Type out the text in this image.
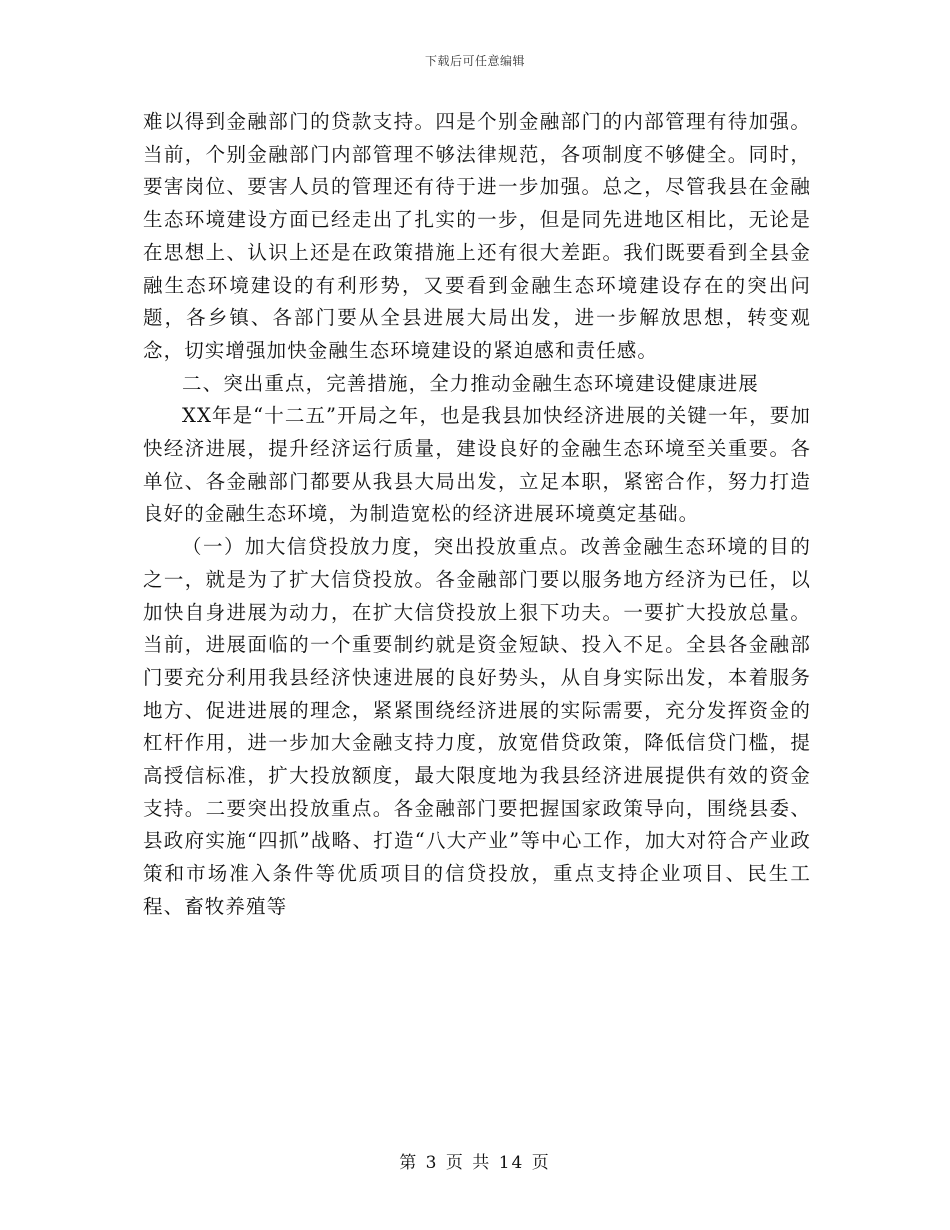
下载后可任意编辑

难以得到金融部门的贷款支持。四是个别金融部门的内部管理有待加强。当前，个别金融部门内部管理不够法律规范，各项制度不够健全。同时，要害岗位、要害人员的管理还有待于进一步加强。总之，尽管我县在金融生态环境建设方面已经走出了扎实的一步，但是同先进地区相比，无论是在思想上、认识上还是在政策措施上还有很大差距。我们既要看到全县金融生态环境建设的有利形势，又要看到金融生态环境建设存在的突出问题，各乡镇、各部门要从全县进展大局出发，进一步解放思想，转变观念，切实增强加快金融生态环境建设的紧迫感和责任感。

二、突出重点，完善措施，全力推动金融生态环境建设健康进展

XX年是“十二五”开局之年，也是我县加快经济进展的关键一年，要加快经济进展，提升经济运行质量，建设良好的金融生态环境至关重要。各单位、各金融部门都要从我县大局出发，立足本职，紧密合作，努力打造良好的金融生态环境，为制造宽松的经济进展环境奠定基础。

（一）加大信贷投放力度，突出投放重点。改善金融生态环境的目的之一，就是为了扩大信贷投放。各金融部门要以服务地方经济为已任，以加快自身进展为动力，在扩大信贷投放上狠下功夫。一要扩大投放总量。当前，进展面临的一个重要制约就是资金短缺、投入不足。全县各金融部门要充分利用我县经济快速进展的良好势头，从自身实际出发，本着服务地方、促进进展的理念，紧紧围绕经济进展的实际需要，充分发挥资金的杠杆作用，进一步加大金融支持力度，放宽借贷政策，降低信贷门槛，提高授信标准，扩大投放额度，最大限度地为我县经济进展提供有效的资金支持。二要突出投放重点。各金融部门要把握国家政策导向，围绕县委、县政府实施“四抓”战略、打造“八大产业”等中心工作，加大对符合产业政策和市场准入条件等优质项目的信贷投放，重点支持企业项目、民生工程、畜牧养殖等

第 3 页 共 14 页
